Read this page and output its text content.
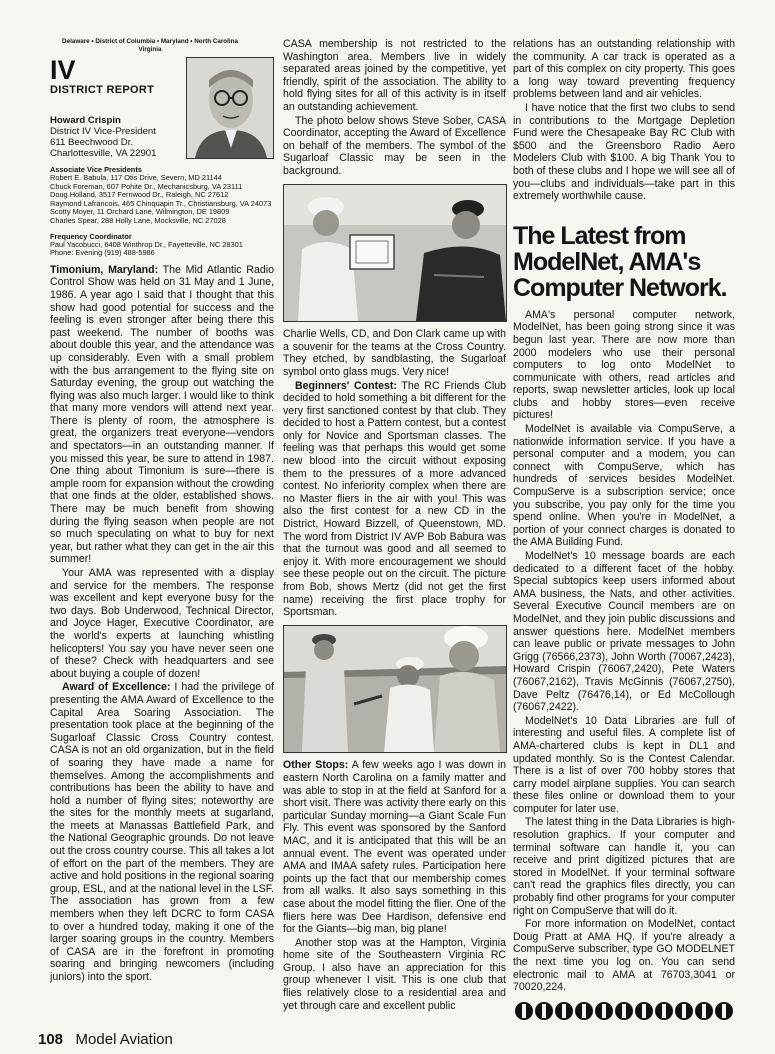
Delaware • District of Columbia • Maryland • North Carolina
Virginia
IV
DISTRICT REPORT
Howard Crispin
District IV Vice-President
611 Beechwood Dr.
Charlottesville, VA 22901
Associate Vice Presidents
Robert E. Babula, 117 Otis Drive, Severn, MD 21144
Chuck Foreman, 607 Pohite Dr., Mechanicsburg, VA 23111
Doug Holland, 3517 Fernwood Dr., Raleigh, NC 27612
Raymond Lafrancois, 465 Chinquapin Tr., Christiansburg, VA 24073
Scotty Moyer, 11 Orchard Lane, Wilmington, DE 19809
Charles Spear, 288 Holly Lane, Mocksville, NC 27028
Frequency Coordinator
Paul Yacobucci, 6408 Winthrop Dr., Fayetteville, NC 28301
Phone: Evening (919) 488-5986

Timonium, Maryland: The Mid Atlantic Radio Control Show was held on 31 May and 1 June, 1986. A year ago I said that I thought that this show had good potential for success and the feeling is even stronger after being there this past weekend. The number of booths was about double this year, and the attendance was up considerably. Even with a small problem with the bus arrangement to the flying site on Saturday evening, the group out watching the flying was also much larger. I would like to think that many more vendors will attend next year. There is plenty of room, the atmosphere is great, the organizers treat everyone—vendors and spectators—in an outstanding manner. If you missed this year, be sure to attend in 1987. One thing about Timonium is sure—there is ample room for expansion without the crowding that one finds at the older, established shows. There may be much benefit from showing during the flying season when people are not so much speculating on what to buy for next year, but rather what they can get in the air this summer!

Your AMA was represented with a display and service for the members. The response was excellent and kept everyone busy for the two days. Bob Underwood, Technical Director, and Joyce Hager, Executive Coordinator, are the world's experts at launching whistling helicopters! You say you have never seen one of these? Check with headquarters and see about buying a couple of dozen!

Award of Excellence: I had the privilege of presenting the AMA Award of Excellence to the Capital Area Soaring Association. The presentation took place at the beginning of the Sugarloaf Classic Cross Country contest. CASA is not an old organization, but in the field of soaring they have made a name for themselves. Among the accomplishments and contributions has been the ability to have and hold a number of flying sites; noteworthy are the sites for the monthly meets at sugarland, the meets at Manassas Battlefield Park, and the National Geographic grounds. Do not leave out the cross country course. This all takes a lot of effort on the part of the members. They are active and hold positions in the regional soaring group, ESL, and at the national level in the LSF. The association has grown from a few members when they left DCRC to form CASA to over a hundred today, making it one of the larger soaring groups in the country. Members of CASA are in the forefront in promoting soaring and bringing newcomers (including juniors) into the sport.

CASA membership is not restricted to the Washington area. Members live in widely separated areas joined by the competitive, yet friendly, spirit of the association. The ability to hold flying sites for all of this activity is in itself an outstanding achievement.

The photo below shows Steve Sober, CASA Coordinator, accepting the Award of Excellence on behalf of the members. The symbol of the Sugarloaf Classic may be seen in the background.

Charlie Wells, CD, and Don Clark came up with a souvenir for the teams at the Cross Country. They etched, by sandblasting, the Sugarloaf symbol onto glass mugs. Very nice!

Beginners' Contest: The RC Friends Club decided to hold something a bit different for the very first sanctioned contest by that club. They decided to host a Pattern contest, but a contest only for Novice and Sportsman classes. The feeling was that perhaps this would get some new blood into the circuit without exposing them to the pressures of a more advanced contest. No inferiority complex when there are no Master fliers in the air with you! This was also the first contest for a new CD in the District, Howard Bizzell, of Queenstown, MD. The word from District IV AVP Bob Babura was that the turnout was good and all seemed to enjoy it. With more encouragement we should see these people out on the circuit. The picture from Bob, shows Mertz (did not get the first name) receiving the first place trophy for Sportsman.

Other Stops: A few weeks ago I was down in eastern North Carolina on a family matter and was able to stop in at the field at Sanford for a short visit. There was activity there early on this particular Sunday morning—a Giant Scale Fun Fly. This event was sponsored by the Sanford MAC, and it is anticipated that this will be an annual event. The event was operated under AMA and IMAA safety rules. Participation here points up the fact that our membership comes from all walks. It also says something in this case about the model fitting the flier. One of the fliers here was Dee Hardison, defensive end for the Giants—big man, big plane!

Another stop was at the Hampton, Virginia home site of the Southeastern Virginia RC Group. I also have an appreciation for this group whenever I visit. This is one club that flies relatively close to a residential area and yet through care and excellent public

relations has an outstanding relationship with the community. A car track is operated as a part of this complex on city property. This goes a long way toward preventing frequency problems between land and air vehicles.

I have notice that the first two clubs to send in contributions to the Mortgage Depletion Fund were the Chesapeake Bay RC Club with $500 and the Greensboro Radio Aero Modelers Club with $100. A big Thank You to both of these clubs and I hope we will see all of you—clubs and individuals—take part in this extremely worthwhile cause.

The Latest from ModelNet, AMA's Computer Network.

AMA's personal computer network, ModelNet, has been going strong since it was begun last year. There are now more than 2000 modelers who use their personal computers to log onto ModelNet to communicate with others, read articles and reports, swap newsletter articles, look up local clubs and hobby stores—even receive pictures!

ModelNet is available via CompuServe, a nationwide information service. If you have a personal computer and a modem, you can connect with CompuServe, which has hundreds of services besides ModelNet. CompuServe is a subscription service; once you subscribe, you pay only for the time you spend online. When you're in ModelNet, a portion of your connect charges is donated to the AMA Building Fund.

ModelNet's 10 message boards are each dedicated to a different facet of the hobby. Special subtopics keep users informed about AMA business, the Nats, and other activities. Several Executive Council members are on ModelNet, and they join public discussions and answer questions here. ModelNet members can leave public or private messages to John Grigg (76566,2373), John Worth (70067,2423), Howard Crispin (76067,2420), Pete Waters (76067,2162), Travis McGinnis (76067,2750), Dave Peltz (76476,14), or Ed McCollough (76067,2422).

ModelNet's 10 Data Libraries are full of interesting and useful files. A complete list of AMA-chartered clubs is kept in DL1 and updated monthly. So is the Contest Calendar. There is a list of over 700 hobby stores that carry model airplane supplies. You can search these files online or download them to your computer for later use.

The latest thing in the Data Libraries is high-resolution graphics. If your computer and terminal software can handle it, you can receive and print digitized pictures that are stored in ModelNet. If your terminal software can't read the graphics files directly, you can probably find other programs for your computer right on CompuServe that will do it.

For more information on ModelNet, contact Doug Pratt at AMA HQ. If you're already a CompuServe subscriber, type GO MODELNET the next time you log on. You can send electronic mail to AMA at 76703,3041 or 70020,224.

108 Model Aviation
